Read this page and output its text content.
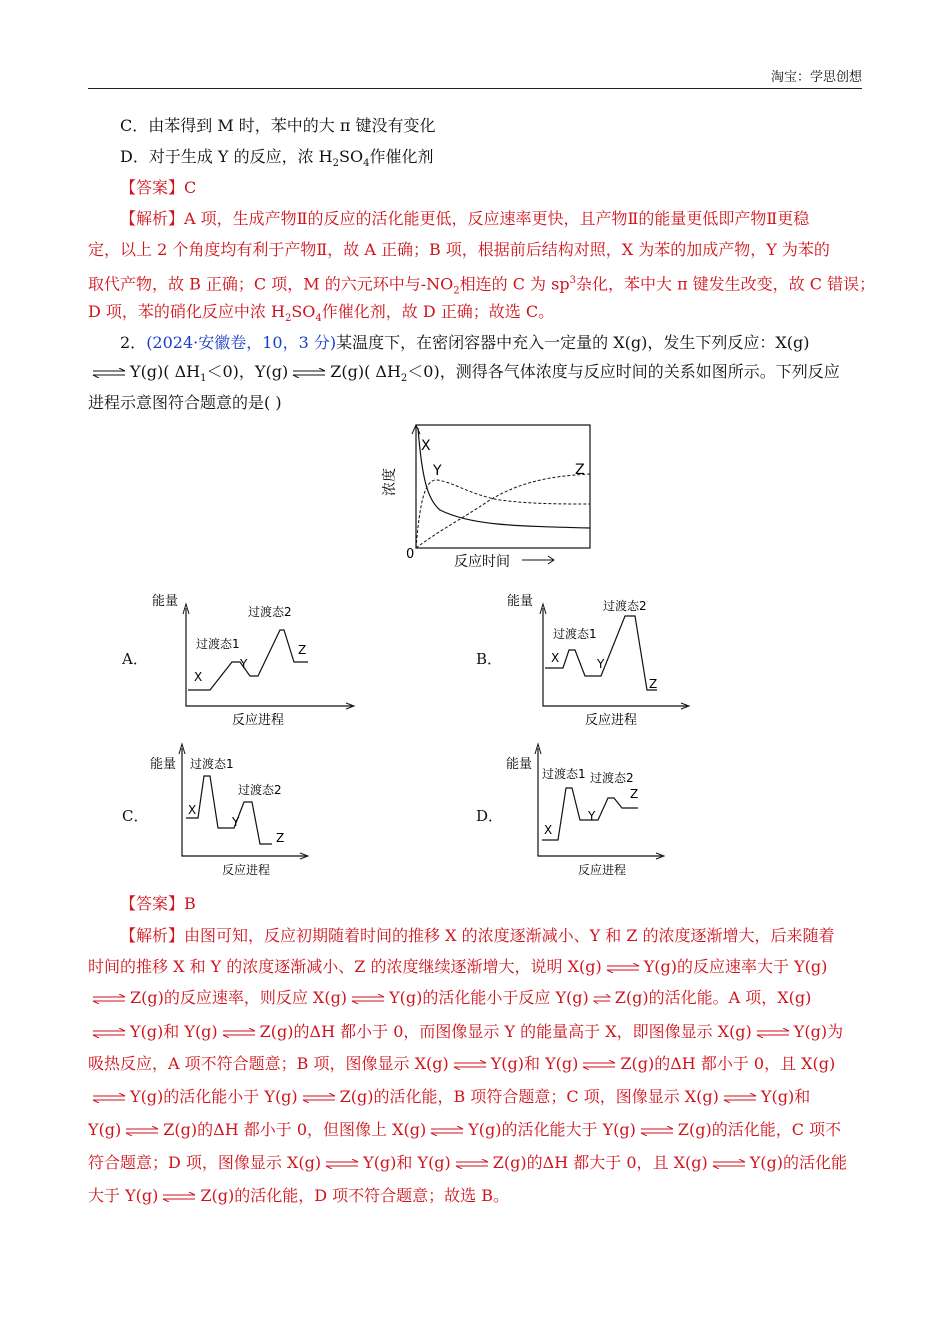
淘宝：学思创想
C．由苯得到 M 时，苯中的大 π 键没有变化
D．对于生成 Y 的反应，浓 $H_2SO_4$作催化剂
【答案】C
【解析】A 项，生成产物Ⅱ的反应的活化能更低，反应速率更快，且产物Ⅱ的能量更低即产物Ⅱ更稳
定，以上 2 个角度均有利于产物Ⅱ，故 A 正确；B 项，根据前后结构对照，X 为苯的加成产物，Y 为苯的
取代产物，故 B 正确；C 项，M 的六元环中与$-NO_2$相连的 C 为 $sp^3$杂化，苯中大 π 键发生改变，故 C 错误；
D 项，苯的硝化反应中浓 $H_2SO_4$作催化剂，故 D 正确；故选 C。
2．(2024·安徽卷，10，3 分)某温度下，在密闭容器中充入一定量的 X(g)，发生下列反应：X(g)
⇌ Y(g)( $\Delta H_1<0$)，Y(g) ⇌ Z(g)( $\Delta H_2<0$)，测得各气体浓度与反应时间的关系如图所示。下列反应
进程示意图符合题意的是( )
浓度
0	反应时间
X
Y	Z
A．
能量
反应进程
X
Y
Z
过渡态1
过渡态2
B．
能量
反应进程
X	Y
Z
过渡态1
过渡态2
C．
能量
反应进程
X
Y
Z
过渡态1
过渡态2
D．
能量
反应进程
X
Y
Z
过渡态1 过渡态2
【答案】B
【解析】由图可知，反应初期随着时间的推移 X 的浓度逐渐减小、Y 和 Z 的浓度逐渐增大，后来随着
时间的推移 X 和 Y 的浓度逐渐减小、Z 的浓度继续逐渐增大，说明 X(g) ⇌ Y(g)的反应速率大于 Y(g)
⇌ Z(g)的反应速率，则反应 X(g) ⇌ Y(g)的活化能小于反应 Y(g) ⇌ Z(g)的活化能。A 项，X(g)
⇌ Y(g)和 Y(g) ⇌ Z(g)的ΔH 都小于 0，而图像显示 Y 的能量高于 X，即图像显示 X(g) ⇌ Y(g)为
吸热反应，A 项不符合题意；B 项，图像显示 X(g) ⇌ Y(g)和 Y(g) ⇌ Z(g)的ΔH 都小于 0，且 X(g)
⇌ Y(g)的活化能小于 Y(g) ⇌ Z(g)的活化能，B 项符合题意；C 项，图像显示 X(g) ⇌ Y(g)和
Y(g) ⇌ Z(g)的ΔH 都小于 0，但图像上 X(g) ⇌ Y(g)的活化能大于 Y(g) ⇌ Z(g)的活化能，C 项不
符合题意；D 项，图像显示 X(g) ⇌ Y(g)和 Y(g) ⇌ Z(g)的ΔH 都大于 0，且 X(g) ⇌ Y(g)的活化能
大于 Y(g) ⇌ Z(g)的活化能，D 项不符合题意；故选 B。
